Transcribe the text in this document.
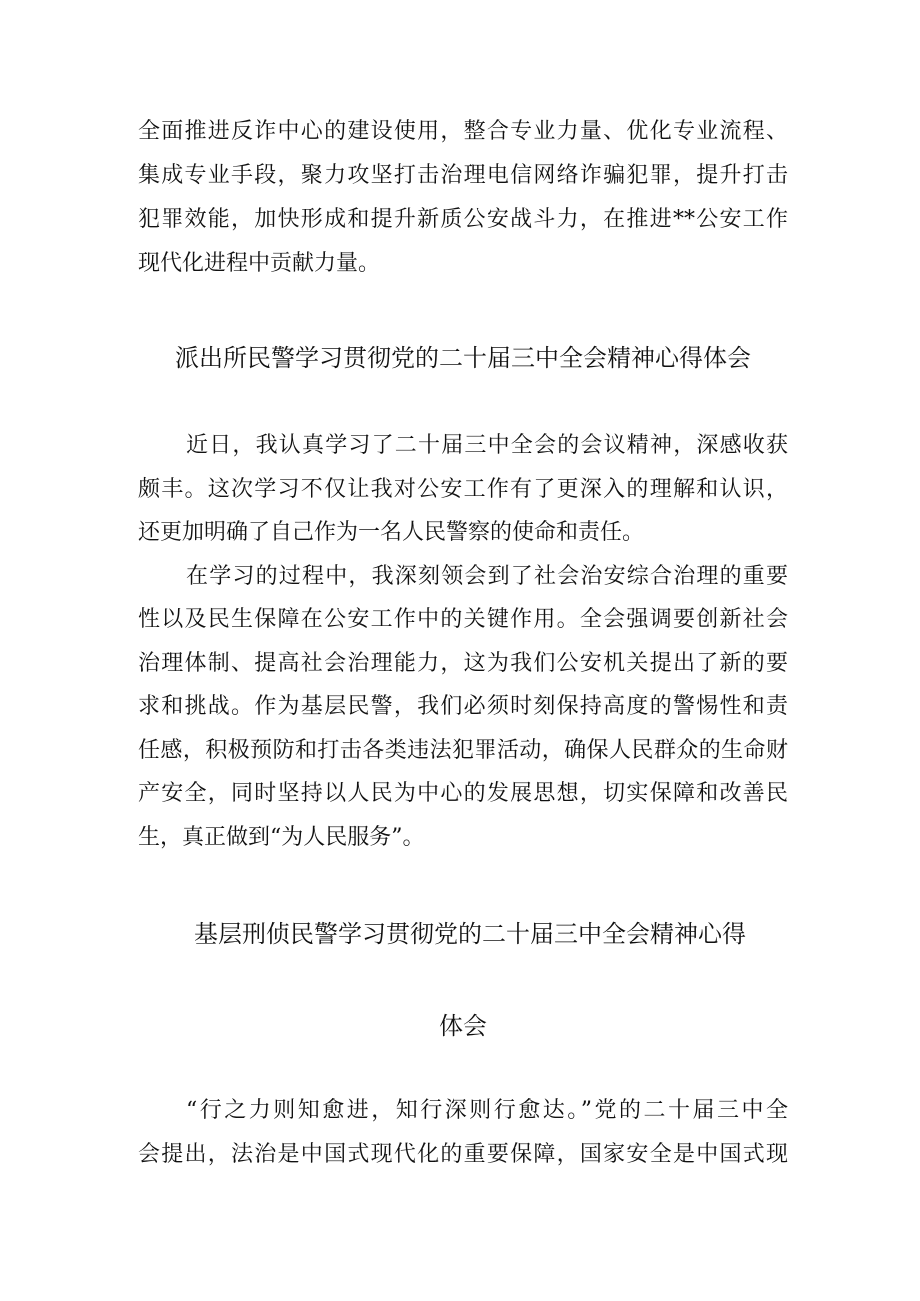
全面推进反诈中心的建设使用，整合专业力量、优化专业流程、
集成专业手段，聚力攻坚打击治理电信网络诈骗犯罪，提升打击
犯罪效能，加快形成和提升新质公安战斗力，在推进**公安工作
现代化进程中贡献力量。
派出所民警学习贯彻党的二十届三中全会精神心得体会
近日，我认真学习了二十届三中全会的会议精神，深感收获
颇丰。这次学习不仅让我对公安工作有了更深入的理解和认识，
还更加明确了自己作为一名人民警察的使命和责任。
在学习的过程中，我深刻领会到了社会治安综合治理的重要
性以及民生保障在公安工作中的关键作用。全会强调要创新社会
治理体制、提高社会治理能力，这为我们公安机关提出了新的要
求和挑战。作为基层民警，我们必须时刻保持高度的警惕性和责
任感，积极预防和打击各类违法犯罪活动，确保人民群众的生命财
产安全，同时坚持以人民为中心的发展思想，切实保障和改善民
生，真正做到“为人民服务”。
基层刑侦民警学习贯彻党的二十届三中全会精神心得
体会
“行之力则知愈进，知行深则行愈达。”党的二十届三中全
会提出，法治是中国式现代化的重要保障，国家安全是中国式现
